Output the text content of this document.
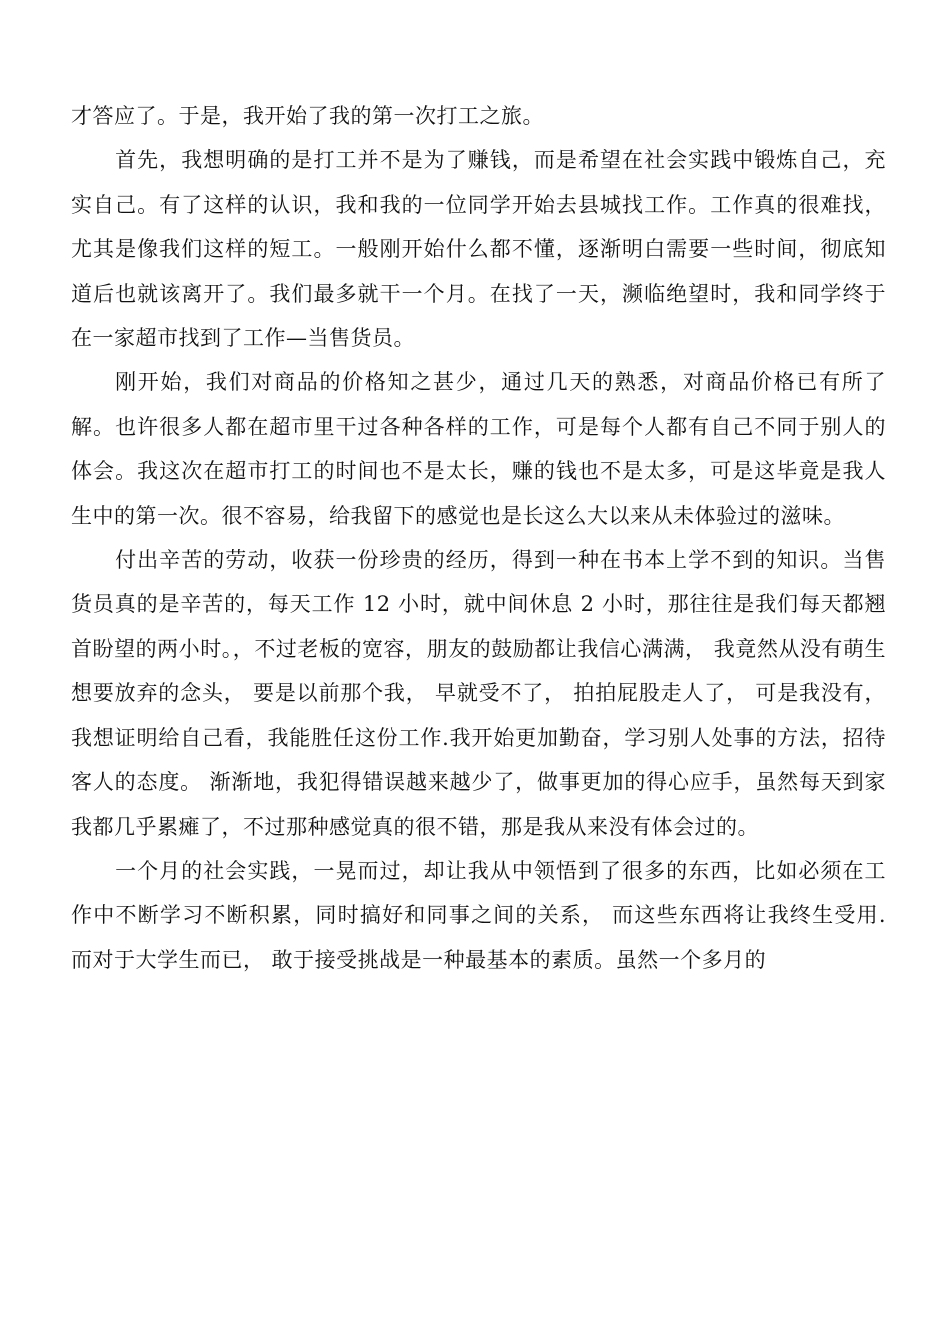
才答应了。于是，我开始了我的第一次打工之旅。

首先，我想明确的是打工并不是为了赚钱，而是希望在社会实践中锻炼自己，充实自己。有了这样的认识，我和我的一位同学开始去县城找工作。工作真的很难找，尤其是像我们这样的短工。一般刚开始什么都不懂，逐渐明白需要一些时间，彻底知道后也就该离开了。我们最多就干一个月。在找了一天，濒临绝望时，我和同学终于在一家超市找到了工作—当售货员。

刚开始，我们对商品的价格知之甚少，通过几天的熟悉，对商品价格已有所了解。也许很多人都在超市里干过各种各样的工作，可是每个人都有自己不同于别人的体会。我这次在超市打工的时间也不是太长，赚的钱也不是太多，可是这毕竟是我人生中的第一次。很不容易，给我留下的感觉也是长这么大以来从未体验过的滋味。

付出辛苦的劳动，收获一份珍贵的经历，得到一种在书本上学不到的知识。当售货员真的是辛苦的，每天工作 12 小时，就中间休息 2 小时，那往往是我们每天都翘首盼望的两小时。，不过老板的宽容，朋友的鼓励都让我信心满满， 我竟然从没有萌生想要放弃的念头， 要是以前那个我， 早就受不了， 拍拍屁股走人了， 可是我没有，我想证明给自己看，我能胜任这份工作.我开始更加勤奋，学习别人处事的方法，招待客人的态度。 渐渐地，我犯得错误越来越少了，做事更加的得心应手，虽然每天到家我都几乎累瘫了，不过那种感觉真的很不错，那是我从来没有体会过的。

一个月的社会实践，一晃而过，却让我从中领悟到了很多的东西，比如必须在工作中不断学习不断积累，同时搞好和同事之间的关系， 而这些东西将让我终生受用. 而对于大学生而已， 敢于接受挑战是一种最基本的素质。虽然一个多月的
